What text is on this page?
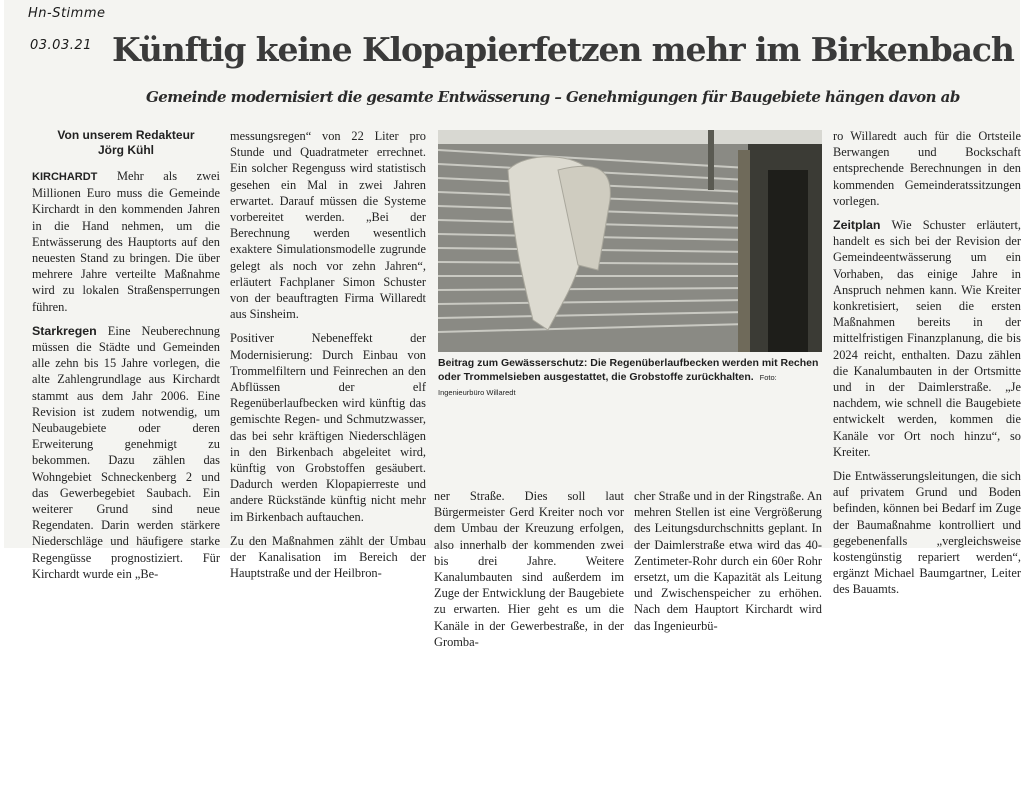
Hn-Stimme
03.03.21 Künftig keine Klopapierfetzen mehr im Birkenbach
Gemeinde modernisiert die gesamte Entwässerung – Genehmigungen für Baugebiete hängen davon ab
Von unserem Redakteur
Jörg Kühl

KIRCHARDT Mehr als zwei Millionen Euro muss die Gemeinde Kirchardt in den kommenden Jahren in die Hand nehmen, um die Entwässerung des Hauptorts auf den neuesten Stand zu bringen. Die über mehrere Jahre verteilte Maßnahme wird zu lokalen Straßensperrungen führen.

Starkregen Eine Neuberechnung müssen die Städte und Gemeinden alle zehn bis 15 Jahre vorlegen, die alte Zahlengrundlage aus Kirchardt stammt aus dem Jahr 2006. Eine Revision ist zudem notwendig, um Neubaugebiete oder deren Erweiterung genehmigt zu bekommen. Dazu zählen das Wohngebiet Schneckenberg 2 und das Gewerbegebiet Saubach. Ein weiterer Grund sind neue Regendaten. Darin werden stärkere Niederschläge und häufigere starke Regengüsse prognostiziert. Für Kirchardt wurde ein „Be-

messungsregen“ von 22 Liter pro Stunde und Quadratmeter errechnet. Ein solcher Regenguss wird statistisch gesehen ein Mal in zwei Jahren erwartet. Darauf müssen die Systeme vorbereitet werden. „Bei der Berechnung werden wesentlich exaktere Simulationsmodelle zugrunde gelegt als noch vor zehn Jahren“, erläutert Fachplaner Simon Schuster von der beauftragten Firma Willaredt aus Sinsheim.

Positiver Nebeneffekt der Modernisierung: Durch Einbau von Trommelfiltern und Feinrechen an den Abflüssen der elf Regenüberlaufbecken wird künftig das gemischte Regen- und Schmutzwasser, das bei sehr kräftigen Niederschlägen in den Birkenbach abgeleitet wird, künftig von Grobstoffen gesäubert. Dadurch werden Klopapierreste und andere Rückstände künftig nicht mehr im Birkenbach auftauchen.

Zu den Maßnahmen zählt der Umbau der Kanalisation im Bereich der Hauptstraße und der Heilbron-

Beitrag zum Gewässerschutz: Die Regenüberlaufbecken werden mit Rechen oder Trommelsieben ausgestattet, die Grobstoffe zurückhalten. Foto: Ingenieurbüro Willaredt

ner Straße. Dies soll laut Bürgermeister Gerd Kreiter noch vor dem Umbau der Kreuzung erfolgen, also innerhalb der kommenden zwei bis drei Jahre. Weitere Kanalumbauten sind außerdem im Zuge der Entwicklung der Baugebiete zu erwarten. Hier geht es um die Kanäle in der Gewerbestraße, in der Gromba-

cher Straße und in der Ringstraße. An mehren Stellen ist eine Vergrößerung des Leitungsdurchschnitts geplant. In der Daimlerstraße etwa wird das 40-Zentimeter-Rohr durch ein 60er Rohr ersetzt, um die Kapazität als Leitung und Zwischenspeicher zu erhöhen. Nach dem Hauptort Kirchardt wird das Ingenieurbü-

ro Willaredt auch für die Ortsteile Berwangen und Bockschaft entsprechende Berechnungen in den kommenden Gemeinderatssitzungen vorlegen.

Zeitplan Wie Schuster erläutert, handelt es sich bei der Revision der Gemeindeentwässerung um ein Vorhaben, das einige Jahre in Anspruch nehmen kann. Wie Kreiter konkretisiert, seien die ersten Maßnahmen bereits in der mittelfristigen Finanzplanung, die bis 2024 reicht, enthalten. Dazu zählen die Kanalumbauten in der Ortsmitte und in der Daimlerstraße. „Je nachdem, wie schnell die Baugebiete entwickelt werden, kommen die Kanäle vor Ort noch hinzu“, so Kreiter.

Die Entwässerungsleitungen, die sich auf privatem Grund und Boden befinden, können bei Bedarf im Zuge der Baumaßnahme kontrolliert und gegebenenfalls „vergleichsweise kostengünstig repariert werden“, ergänzt Michael Baumgartner, Leiter des Bauamts.
